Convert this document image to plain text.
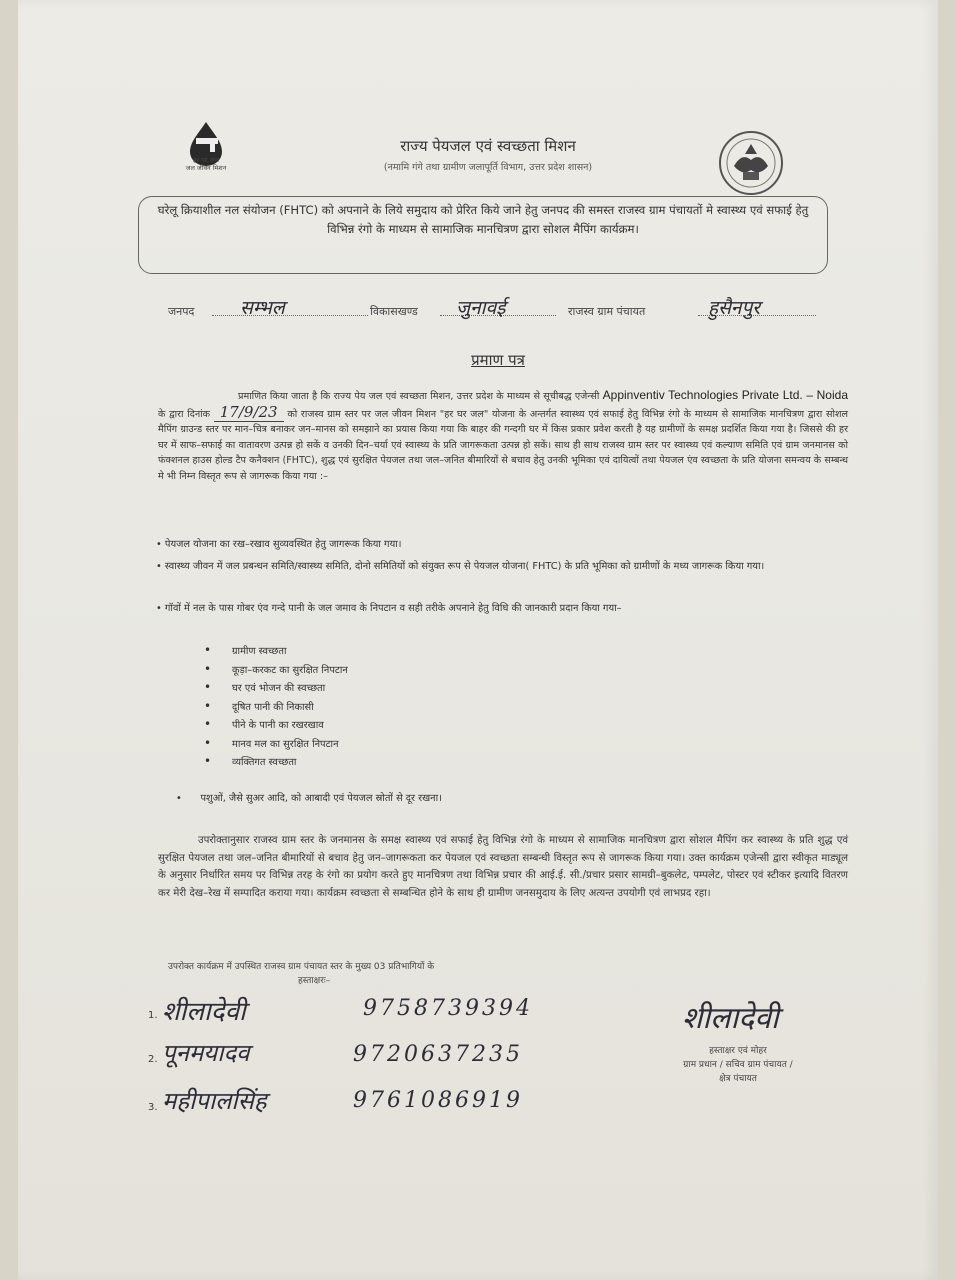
हर घर जल
जल जीवन मिशन
राज्य पेयजल एवं स्वच्छता मिशन
(नमामि गंगे तथा ग्रामीण जलापूर्ति विभाग, उत्तर प्रदेश शासन)
घरेलू क्रियाशील नल संयोजन (FHTC) को अपनाने के लिये समुदाय को प्रेरित किये जाने हेतु जनपद की समस्त राजस्व ग्राम पंचायतों मे स्वास्थ्य एवं सफाई हेतु विभिन्न रंगो के माध्यम से सामाजिक मानचित्रण द्वारा सोशल मैपिंग कार्यक्रम।
जनपद सम्भल	विकासखण्ड जुनावई	राजस्व ग्राम पंचायत	हुसैनपुर
प्रमाण पत्र
प्रमाणित किया जाता है कि राज्य पेय जल एवं स्वच्छता मिशन, उत्तर प्रदेश के माध्यम से सूचीबद्ध एजेन्सी Appinventiv Technologies Private Ltd. – Noida के द्वारा दिनांक 17/9/23 को राजस्व ग्राम स्तर पर जल जीवन मिशन "हर घर जल" योजना के अन्तर्गत स्वास्थ्य एवं सफाई हेतु विभिन्न रंगो के माध्यम से सामाजिक मानचित्रण द्वारा सोशल मैपिंग ग्राउन्ड स्तर पर मान–चित्र बनाकर जन–मानस को समझाने का प्रयास किया गया कि बाहर की गन्दगी घर में किस प्रकार प्रवेश करती है यह ग्रामीणों के समक्ष प्रदर्शित किया गया है। जिससे की हर घर में साफ–सफाई का वातावरण उत्पन्न हो सकें व उनकी दिन–चर्या एवं स्वास्थ्य के प्रति जागरूकता उत्पन्न हो सकें। साथ ही साथ राजस्व ग्राम स्तर पर स्वास्थ्य एवं कल्याण समिति एवं ग्राम जनमानस को फंक्शनल हाउस होल्ड टैप कनैक्शन (FHTC), शुद्ध एवं सुरक्षित पेयजल तथा जल–जनित बीमारियों से बचाव हेतु उनकी भूमिका एवं दायित्वों तथा पेयजल एंव स्वच्छता के प्रति योजना समन्वय के सम्बन्ध मे भी निम्न विस्तृत रूप से जागरूक किया गया :–
• पेयजल योजना का रख–रखाव सुव्यवस्थित हेतु जागरूक किया गया।
• स्वास्थ्य जीवन में जल प्रबन्धन समिति/स्वास्थ्य समिति, दोनो समितियों को संयुक्त रूप से पेयजल योजना( FHTC) के प्रति भूमिका को ग्रामीणों के मध्य जागरूक किया गया।
• गॉवों में नल के पास गोबर एंव गन्दे पानी के जल जमाव के निपटान व सही तरीके अपनाने हेतु विधि की जानकारी प्रदान किया गया–
• ग्रामीण स्वच्छता
• कूड़ा–करकट का सुरक्षित निपटान
• घर एवं भोजन की स्वच्छता
• दूषित पानी की निकासी
• पीने के पानी का रखरखाव
• मानव मल का सुरक्षित निपटान
• व्यक्तिगत स्वच्छता
•      पशुओं, जैसे सुअर आदि, को आबादी एवं पेयजल स्रोतों से दूर रखना।
उपरोक्तानुसार राजस्व ग्राम स्तर के जनमानस के समक्ष स्वास्थ्य एवं सफाई हेतु विभिन्न रंगो के माध्यम से सामाजिक मानचित्रण द्वारा सोशल मैपिंग कर स्वास्थ्य के प्रति शुद्ध एवं सुरक्षित पेयजल तथा जल–जनित बीमारियों से बचाव हेतु जन–जागरूकता कर पेयजल एवं स्वच्छता सम्बन्धी विस्तृत रूप से जागरूक किया गया। उक्त कार्यक्रम एजेन्सी द्वारा स्वीकृत माड्यूल के अनुसार निर्धारित समय पर विभिन्न तरह के रंगो का प्रयोग करते हुए मानचित्रण तथा विभिन्न प्रचार की आई.ई. सी./प्रचार प्रसार सामग्री–बुकलेट, पम्पलेट, पोस्टर एवं स्टीकर इत्यादि वितरण कर मेरी देख–रेख में सम्पादित कराया गया। कार्यक्रम स्वच्छता से सम्बन्धित होने के साथ ही ग्रामीण जनसमुदाय के लिए अत्यन्त उपयोगी एवं लाभप्रद रहा।
उपरोक्त कार्यक्रम में उपस्थित राजस्व ग्राम पंचायत स्तर के मुख्य 03 प्रतिभागियों के
हस्ताक्षरः–
1. शीलादेवी	9758739394
2. पूनमयादव	9720637235
3. महीपालसिंह	9761086919
शीलादेवी
हस्ताक्षर एवं मोहर
ग्राम प्रधान / सचिव ग्राम पंचायत /
क्षेत्र पंचायत
